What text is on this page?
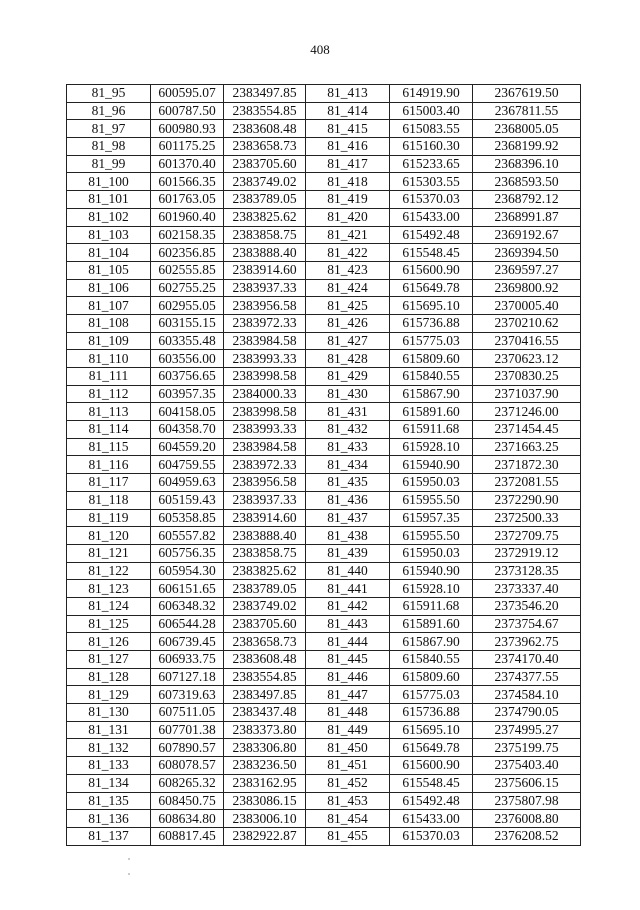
408
81_95	600595.07	2383497.85	81_413	614919.90	2367619.50
81_96	600787.50	2383554.85	81_414	615003.40	2367811.55
81_97	600980.93	2383608.48	81_415	615083.55	2368005.05
81_98	601175.25	2383658.73	81_416	615160.30	2368199.92
81_99	601370.40	2383705.60	81_417	615233.65	2368396.10
81_100	601566.35	2383749.02	81_418	615303.55	2368593.50
81_101	601763.05	2383789.05	81_419	615370.03	2368792.12
81_102	601960.40	2383825.62	81_420	615433.00	2368991.87
81_103	602158.35	2383858.75	81_421	615492.48	2369192.67
81_104	602356.85	2383888.40	81_422	615548.45	2369394.50
81_105	602555.85	2383914.60	81_423	615600.90	2369597.27
81_106	602755.25	2383937.33	81_424	615649.78	2369800.92
81_107	602955.05	2383956.58	81_425	615695.10	2370005.40
81_108	603155.15	2383972.33	81_426	615736.88	2370210.62
81_109	603355.48	2383984.58	81_427	615775.03	2370416.55
81_110	603556.00	2383993.33	81_428	615809.60	2370623.12
81_111	603756.65	2383998.58	81_429	615840.55	2370830.25
81_112	603957.35	2384000.33	81_430	615867.90	2371037.90
81_113	604158.05	2383998.58	81_431	615891.60	2371246.00
81_114	604358.70	2383993.33	81_432	615911.68	2371454.45
81_115	604559.20	2383984.58	81_433	615928.10	2371663.25
81_116	604759.55	2383972.33	81_434	615940.90	2371872.30
81_117	604959.63	2383956.58	81_435	615950.03	2372081.55
81_118	605159.43	2383937.33	81_436	615955.50	2372290.90
81_119	605358.85	2383914.60	81_437	615957.35	2372500.33
81_120	605557.82	2383888.40	81_438	615955.50	2372709.75
81_121	605756.35	2383858.75	81_439	615950.03	2372919.12
81_122	605954.30	2383825.62	81_440	615940.90	2373128.35
81_123	606151.65	2383789.05	81_441	615928.10	2373337.40
81_124	606348.32	2383749.02	81_442	615911.68	2373546.20
81_125	606544.28	2383705.60	81_443	615891.60	2373754.67
81_126	606739.45	2383658.73	81_444	615867.90	2373962.75
81_127	606933.75	2383608.48	81_445	615840.55	2374170.40
81_128	607127.18	2383554.85	81_446	615809.60	2374377.55
81_129	607319.63	2383497.85	81_447	615775.03	2374584.10
81_130	607511.05	2383437.48	81_448	615736.88	2374790.05
81_131	607701.38	2383373.80	81_449	615695.10	2374995.27
81_132	607890.57	2383306.80	81_450	615649.78	2375199.75
81_133	608078.57	2383236.50	81_451	615600.90	2375403.40
81_134	608265.32	2383162.95	81_452	615548.45	2375606.15
81_135	608450.75	2383086.15	81_453	615492.48	2375807.98
81_136	608634.80	2383006.10	81_454	615433.00	2376008.80
81_137	608817.45	2382922.87	81_455	615370.03	2376208.52
